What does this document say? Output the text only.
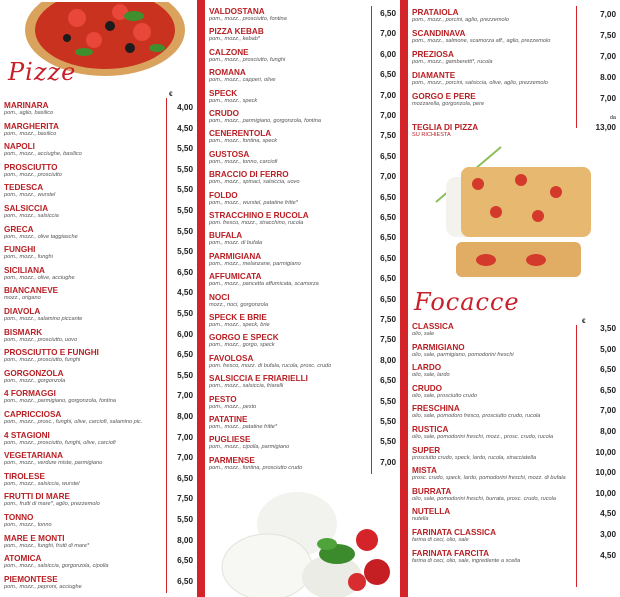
Pizze
€
MARINARA
pom., aglio, basilico
4,00
MARGHERITA
pom., mozz., basilico
4,50
NAPOLI
pom., mozz., acciughe, basilico
5,50
PROSCIUTTO
pom., mozz., prosciutto
5,50
TEDESCA
pom., mozz., wurstel
5,50
SALSICCIA
pom., mozz., salsiccia
5,50
GRECA
pom., mozz., olive taggiasche
5,50
FUNGHI
pom., mozz., funghi
5,50
SICILIANA
pom., mozz., olive, acciughe
6,50
BIANCANEVE
mozz., origano
4,50
DIAVOLA
pom., mozz., salamino piccante
5,50
BISMARK
pom., mozz., prosciutto, uovo
6,00
PROSCIUTTO E FUNGHI
pom., mozz., prosciutto, funghi
6,50
GORGONZOLA
pom., mozz., gorgonzola
5,50
4 FORMAGGI
pom., mozz., parmigiano, gorgonzola, fontina
7,00
CAPRICCIOSA
pom., mozz., prosc., funghi, olive, carciofi, salamino pic.
8,00
4 STAGIONI
pom., mozz., prosciutto, funghi, olive, carciofi
7,00
VEGETARIANA
pom., mozz., verdure miste, parmigiano
7,00
TIROLESE
pom., mozz., salsiccia, wurstel
6,50
FRUTTI DI MARE
pom., frutti di mare*, aglio, prezzemolo
7,50
TONNO
pom., mozz., tonno
5,50
MARE E MONTI
pom., mozz., funghi, frutti di mare*
8,00
ATOMICA
pom., mozz., salsiccia, gorgonzola, cipolla
6,50
PIEMONTESE
pom., mozz., peproni, acciughe
6,50
VALDOSTANA
pom., mozz., prosciutto, fontina
6,50
PIZZA KEBAB
pom., mozz., kebab*
7,00
CALZONE
pom., mozz., prosciutto, funghi
6,00
ROMANA
pom., mozz., capperi, olive
6,50
SPECK
pom., mozz., speck
7,00
CRUDO
pom., mozz., parmigiano, gorgonzola, fontina
7,00
CENERENTOLA
pom., mozz., fontina, speck
7,50
GUSTOSA
pom., mozz., tonno, carciofi
6,50
BRACCIO DI FERRO
pom., mozz., spinaci, salsiccia, uovo
7,00
FOLDO
pom., mozz., wurstel, patatine fritte*
6,50
STRACCHINO E RUCOLA
pom. fresco, mozz., stracchino, rucola
6,50
BUFALA
pom., mozz. di bufala
6,50
PARMIGIANA
pom., mozz., melanzane, parmigiano
6,50
AFFUMICATA
pom., mozz., pancetta affumicata, scamorza
6,50
NOCI
mozz., noci, gorgonzola
6,50
SPECK E BRIE
pom., mozz., speck, brie
7,50
GORGO E SPECK
pom., mozz., gorgo, speck
7,50
FAVOLOSA
pom. fresco, mozz. di bufala, rucola, prosc. crudo
8,00
SALSICCIA E FRIARIELLI
pom., mozz., salsiccia, friarelli
6,50
PESTO
pom., mozz., pesto
5,50
PATATINE
pom., mozz., patatine fritte*
5,50
PUGLIESE
pom., mozz., cipolla, parmigiano
5,50
PARMENSE
pom., mozz., fontina, prosciutto crudo
7,00
PRATAIOLA
pom., mozz., porcini, aglio, prezzemolo
7,00
SCANDINAVA
pom., mozz., salmone, scamorza aff., aglio, prezzemolo
7,50
PREZIOSA
pom., mozz., gamberetti*, rucola
7,00
DIAMANTE
pom., mozz., porcini, salsiccia, olive, aglio, prezzemolo
8.00
GORGO E PERE
mozzarella, gorgonzola, pere
7,00
TEGLIA DI PIZZA
SU RICHIESTA
da
13,00
Focacce
€
CLASSICA
olio, sale
3,50
PARMIGIANO
olio, sale, parmigiano, pomodorini freschi
5,00
LARDO
olio, sale, lardo
6,50
CRUDO
olio, sale, prosciutto crudo
6,50
FRESCHINA
olio, sale, pomodoro fresco, prosciutto crudo, rucola
7,00
RUSTICA
olio, sale, pomodorini freschi, mozz., prosc. crudo, rucola
8,00
SUPER
prosciutto crudo, speck, lardo, rucola, stracciatella
10,00
MISTA
prosc. crudo, speck, lardo, pomodorini freschi, mozz. di bufala
10,00
BURRATA
olio, sale, pomodorini freschi, burrata, prosc. crudo, rucola
10,00
NUTELLA
nutella
4,50
FARINATA CLASSICA
farina di ceci, olio, sale
3,00
FARINATA FARCITA
farina di ceci, olio, sale, ingrediente a scelta
4,50
